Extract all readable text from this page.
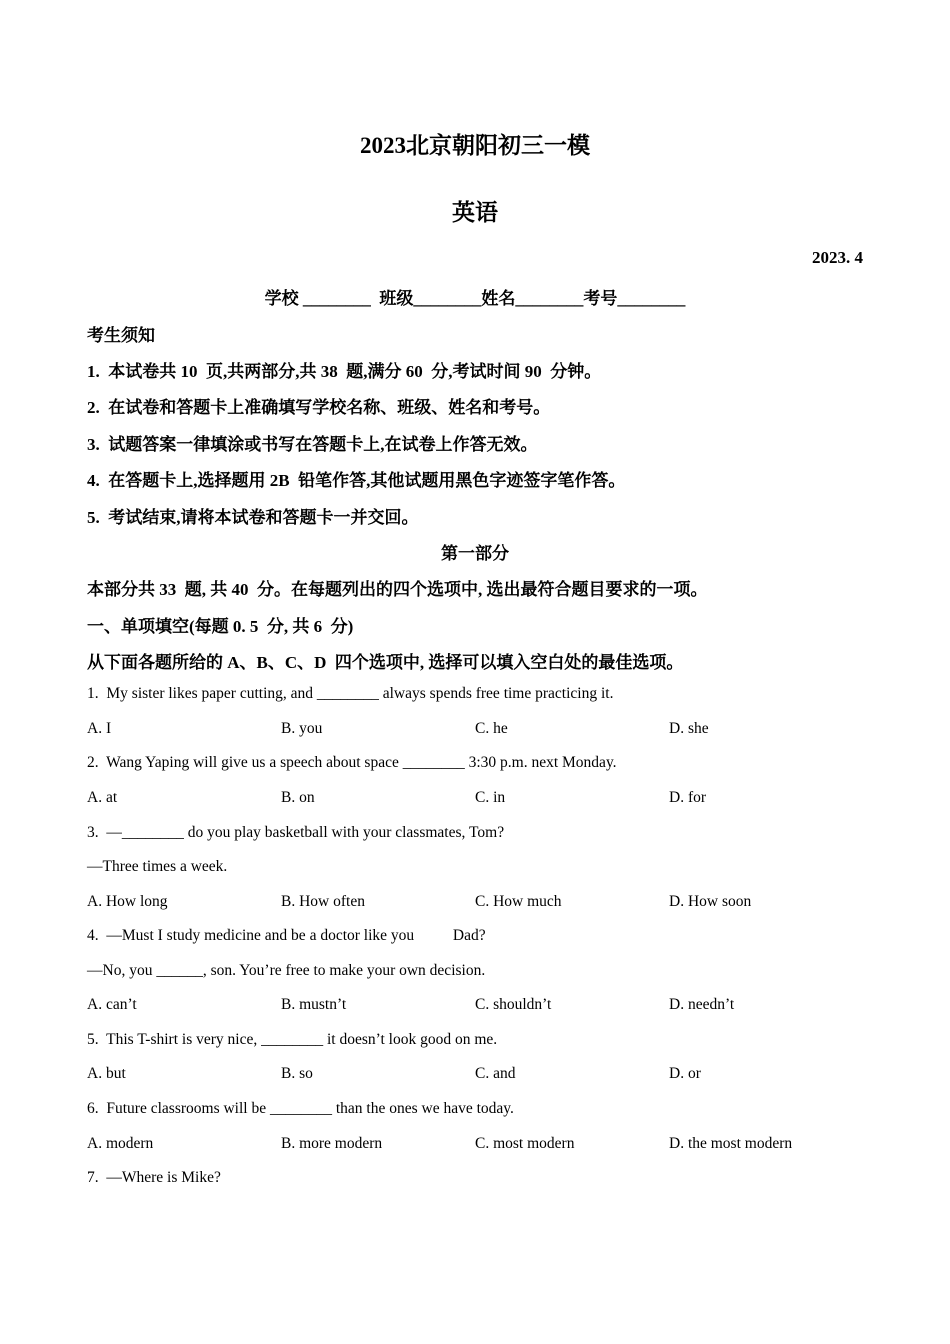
2023北京朝阳初三一模
英语
2023. 4
学校 ________  班级________姓名________考号________
考生须知
1.  本试卷共 10  页,共两部分,共 38  题,满分 60  分,考试时间 90  分钟。
2.  在试卷和答题卡上准确填写学校名称、班级、姓名和考号。
3.  试题答案一律填涂或书写在答题卡上,在试卷上作答无效。
4.  在答题卡上,选择题用 2B  铅笔作答,其他试题用黑色字迹签字笔作答。
5.  考试结束,请将本试卷和答题卡一并交回。
第一部分
本部分共 33  题, 共 40  分。在每题列出的四个选项中, 选出最符合题目要求的一项。
一、单项填空(每题 0. 5  分, 共 6  分)
从下面各题所给的 A、B、C、D  四个选项中, 选择可以填入空白处的最佳选项。
1.  My sister likes paper cutting, and ________ always spends free time practicing it.
A. I	B. you	C. he	D. she
2.  Wang Yaping will give us a speech about space ________ 3:30 p.m. next Monday.
A. at	B. on	C. in	D. for
3.  —________ do you play basketball with your classmates, Tom?
—Three times a week.
A. How long	B. How often	C. How much	D. How soon
4.  —Must I study medicine and be a doctor like you          Dad?
—No, you ______, son. You’re free to make your own decision.
A. can’t	B. mustn’t	C. shouldn’t	D. needn’t
5.  This T-shirt is very nice, ________ it doesn’t look good on me.
A. but	B. so	C. and	D. or
6.  Future classrooms will be ________ than the ones we have today.
A. modern	B. more modern	C. most modern	D. the most modern
7.  —Where is Mike?
